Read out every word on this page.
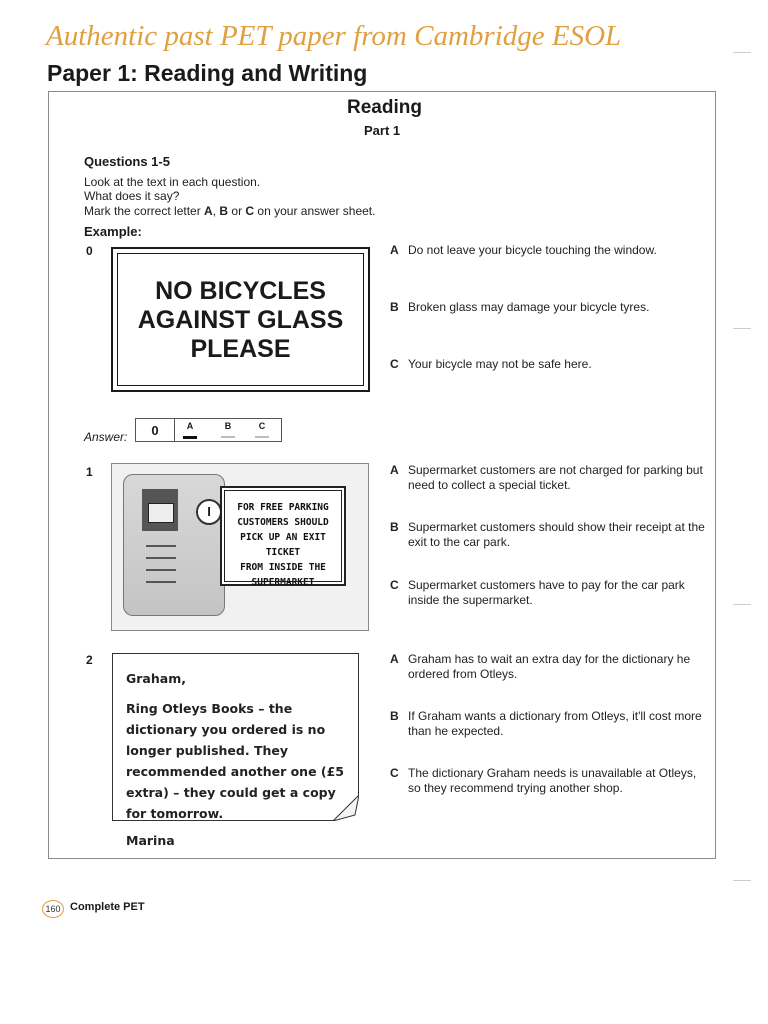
Authentic past PET paper from Cambridge ESOL
Paper 1: Reading and Writing
Reading
Part 1
Questions 1-5
Look at the text in each question.
What does it say?
Mark the correct letter A, B or C on your answer sheet.
Example:
0
NO BICYCLES
AGAINST GLASS
PLEASE
A Do not leave your bicycle touching the window.
B Broken glass may damage your bicycle tyres.
C Your bicycle may not be safe here.
Answer:	0	A	B	C
1
I	FOR FREE PARKING
CUSTOMERS SHOULD
PICK UP AN EXIT TICKET
FROM INSIDE THE
SUPERMARKET
A Supermarket customers are not charged for parking but need to collect a special ticket.
B Supermarket customers should show their receipt at the exit to the car park.
C Supermarket customers have to pay for the car park inside the supermarket.
2
Graham,
Ring Otleys Books – the dictionary you ordered is no longer published. They recommended another one (£5 extra) – they could get a copy for tomorrow.
Marina
A Graham has to wait an extra day for the dictionary he ordered from Otleys.
B If Graham wants a dictionary from Otleys, it'll cost more than he expected.
C The dictionary Graham needs is unavailable at Otleys, so they recommend trying another shop.
160 Complete PET
